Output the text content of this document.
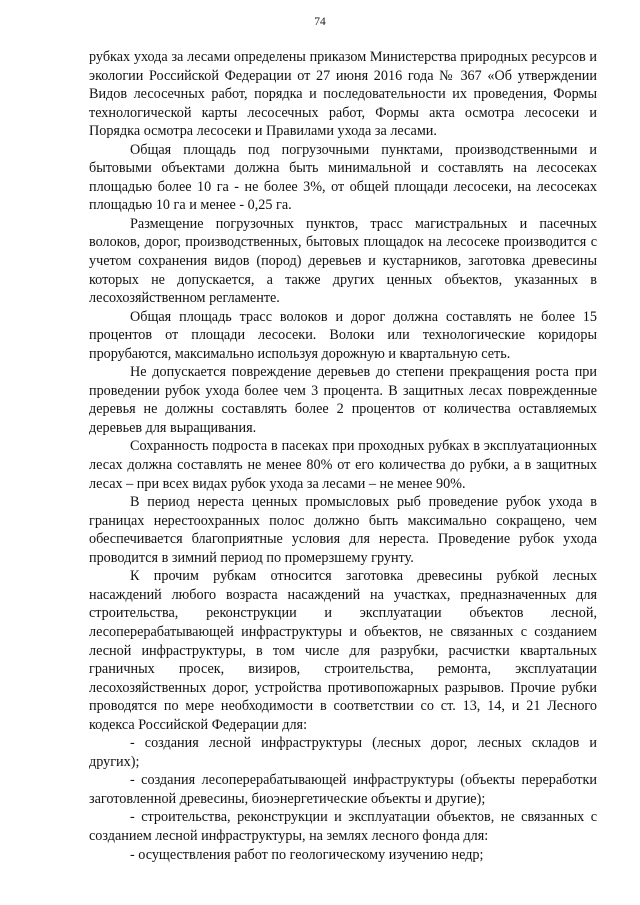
74

рубках ухода за лесами определены приказом Министерства природных ресурсов и экологии Российской Федерации от 27 июня 2016 года № 367 «Об утверждении Видов лесосечных работ, порядка и последовательности их проведения, Формы технологической карты лесосечных работ, Формы акта осмотра лесосеки и Порядка осмотра лесосеки и Правилами ухода за лесами.

Общая площадь под погрузочными пунктами, производственными и бытовыми объектами должна быть минимальной и составлять на лесосеках площадью более 10 га - не более 3%, от общей площади лесосеки, на лесосеках площадью 10 га и менее - 0,25 га.

Размещение погрузочных пунктов, трасс магистральных и пасечных волоков, дорог, производственных, бытовых площадок на лесосеке производится с учетом сохранения видов (пород) деревьев и кустарников, заготовка древесины которых не допускается, а также других ценных объектов, указанных в лесохозяйственном регламенте.

Общая площадь трасс волоков и дорог должна составлять не более 15 процентов от площади лесосеки. Волоки или технологические коридоры прорубаются, максимально используя дорожную и квартальную сеть.

Не допускается повреждение деревьев до степени прекращения роста при проведении рубок ухода более чем 3 процента. В защитных лесах поврежденные деревья не должны составлять более 2 процентов от количества оставляемых деревьев для выращивания.

Сохранность подроста в пасеках при проходных рубках в эксплуатационных лесах должна составлять не менее 80% от его количества до рубки, а в защитных лесах – при всех видах рубок ухода за лесами – не менее 90%.

В период нереста ценных промысловых рыб проведение рубок ухода в границах нерестоохранных полос должно быть максимально сокращено, чем обеспечивается благоприятные условия для нереста. Проведение рубок ухода проводится в зимний период по промерзшему грунту.

К прочим рубкам относится заготовка древесины рубкой лесных насаждений любого возраста насаждений на участках, предназначенных для строительства, реконструкции и эксплуатации объектов лесной, лесоперерабатывающей инфраструктуры и объектов, не связанных с созданием лесной инфраструктуры, в том числе для разрубки, расчистки квартальных граничных просек, визиров, строительства, ремонта, эксплуатации лесохозяйственных дорог, устройства противопожарных разрывов. Прочие рубки проводятся по мере необходимости в соответствии со ст. 13, 14, и 21 Лесного кодекса Российской Федерации для:

- создания лесной инфраструктуры (лесных дорог, лесных складов и других);

- создания лесоперерабатывающей инфраструктуры (объекты переработки заготовленной древесины, биоэнергетические объекты и другие);

- строительства, реконструкции и эксплуатации объектов, не связанных с созданием лесной инфраструктуры, на землях лесного фонда для:

- осуществления работ по геологическому изучению недр;
